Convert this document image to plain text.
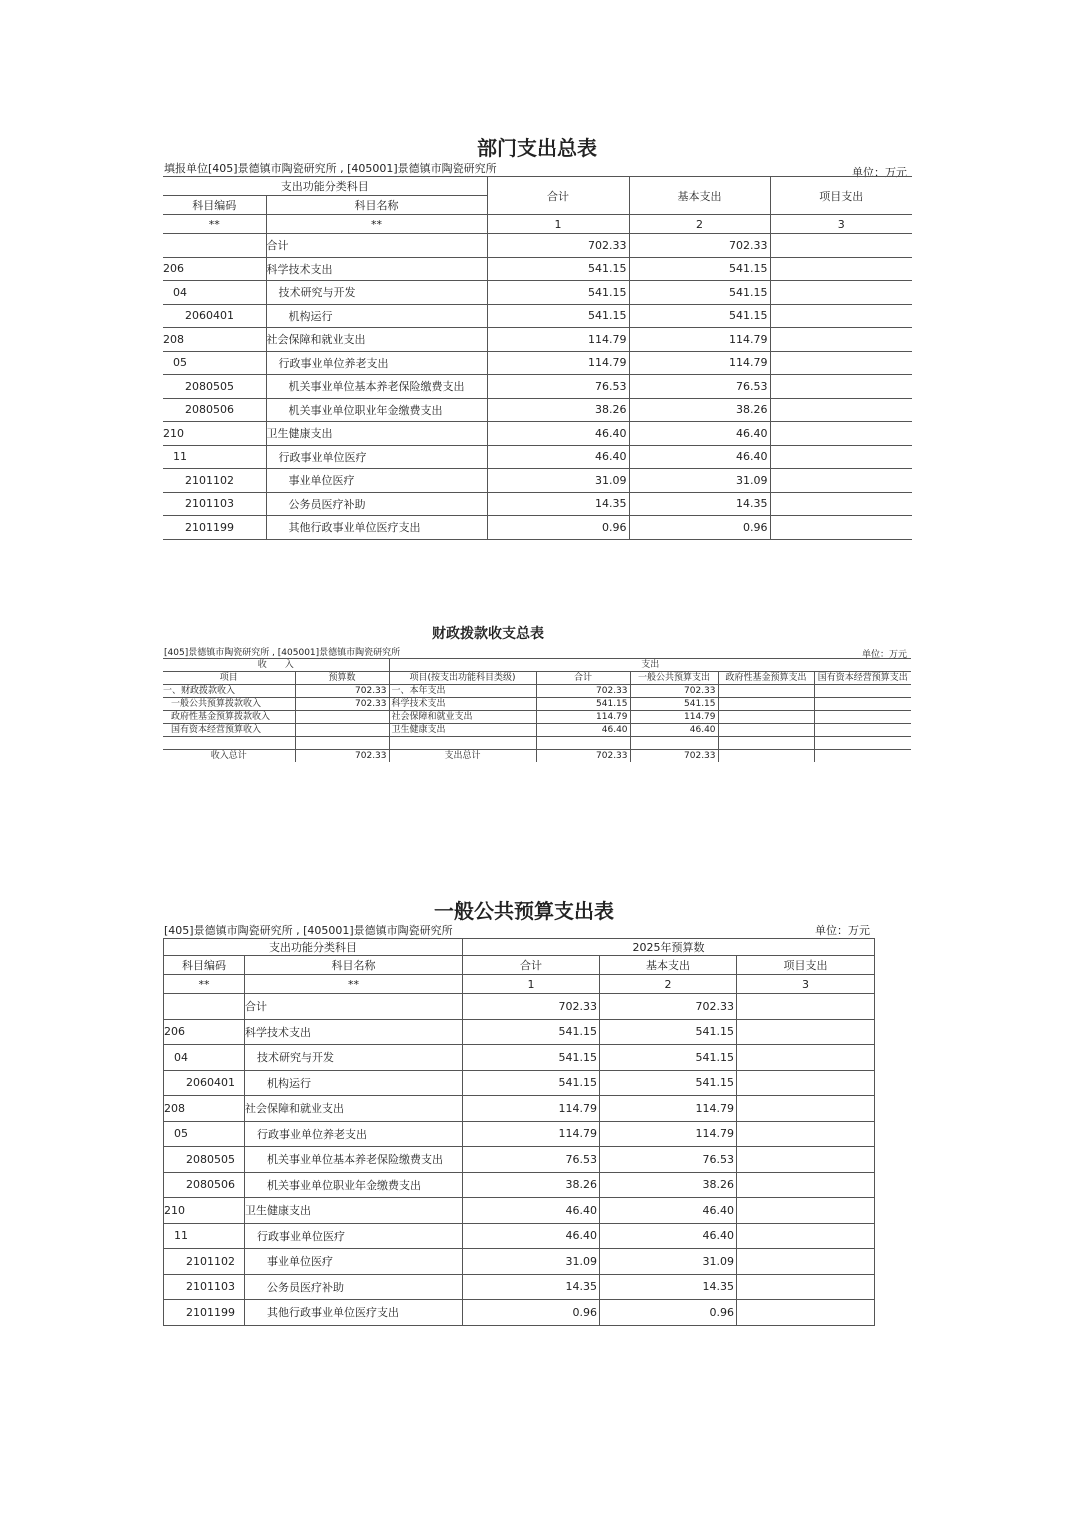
部门支出总表
填报单位[405]景德镇市陶瓷研究所 , [405001]景德镇市陶瓷研究所	单位：万元
支出功能分类科目		合计	基本支出	项目支出
科目编码	科目名称			
**	**	1	2	3
	合计	702.33	702.33	
206	科学技术支出	541.15	541.15	
04	技术研究与开发	541.15	541.15	
2060401	机构运行	541.15	541.15	
208	社会保障和就业支出	114.79	114.79	
05	行政事业单位养老支出	114.79	114.79	
2080505	机关事业单位基本养老保险缴费支出	76.53	76.53	
2080506	机关事业单位职业年金缴费支出	38.26	38.26	
210	卫生健康支出	46.40	46.40	
11	行政事业单位医疗	46.40	46.40	
2101102	事业单位医疗	31.09	31.09	
2101103	公务员医疗补助	14.35	14.35	
2101199	其他行政事业单位医疗支出	0.96	0.96	
财政拨款收支总表
[405]景德镇市陶瓷研究所 , [405001]景德镇市陶瓷研究所	单位：万元
收　　入		支出				
项目	预算数	项目(按支出功能科目类级)	合计	一般公共预算支出	政府性基金预算支出	国有资本经营预算支出
一、财政拨款收入	702.33	一、本年支出	702.33	702.33		
一般公共预算拨款收入	702.33	科学技术支出	541.15	541.15		
政府性基金预算拨款收入		社会保障和就业支出	114.79	114.79		
国有资本经营预算收入		卫生健康支出	46.40	46.40		

收入总计	702.33	支出总计	702.33	702.33		
一般公共预算支出表
[405]景德镇市陶瓷研究所 , [405001]景德镇市陶瓷研究所	单位：万元
支出功能分类科目		2025年预算数		
科目编码	科目名称	合计	基本支出	项目支出
**	**	1	2	3
	合计	702.33	702.33	
206	科学技术支出	541.15	541.15	
04	技术研究与开发	541.15	541.15	
2060401	机构运行	541.15	541.15	
208	社会保障和就业支出	114.79	114.79	
05	行政事业单位养老支出	114.79	114.79	
2080505	机关事业单位基本养老保险缴费支出	76.53	76.53	
2080506	机关事业单位职业年金缴费支出	38.26	38.26	
210	卫生健康支出	46.40	46.40	
11	行政事业单位医疗	46.40	46.40	
2101102	事业单位医疗	31.09	31.09	
2101103	公务员医疗补助	14.35	14.35	
2101199	其他行政事业单位医疗支出	0.96	0.96	
